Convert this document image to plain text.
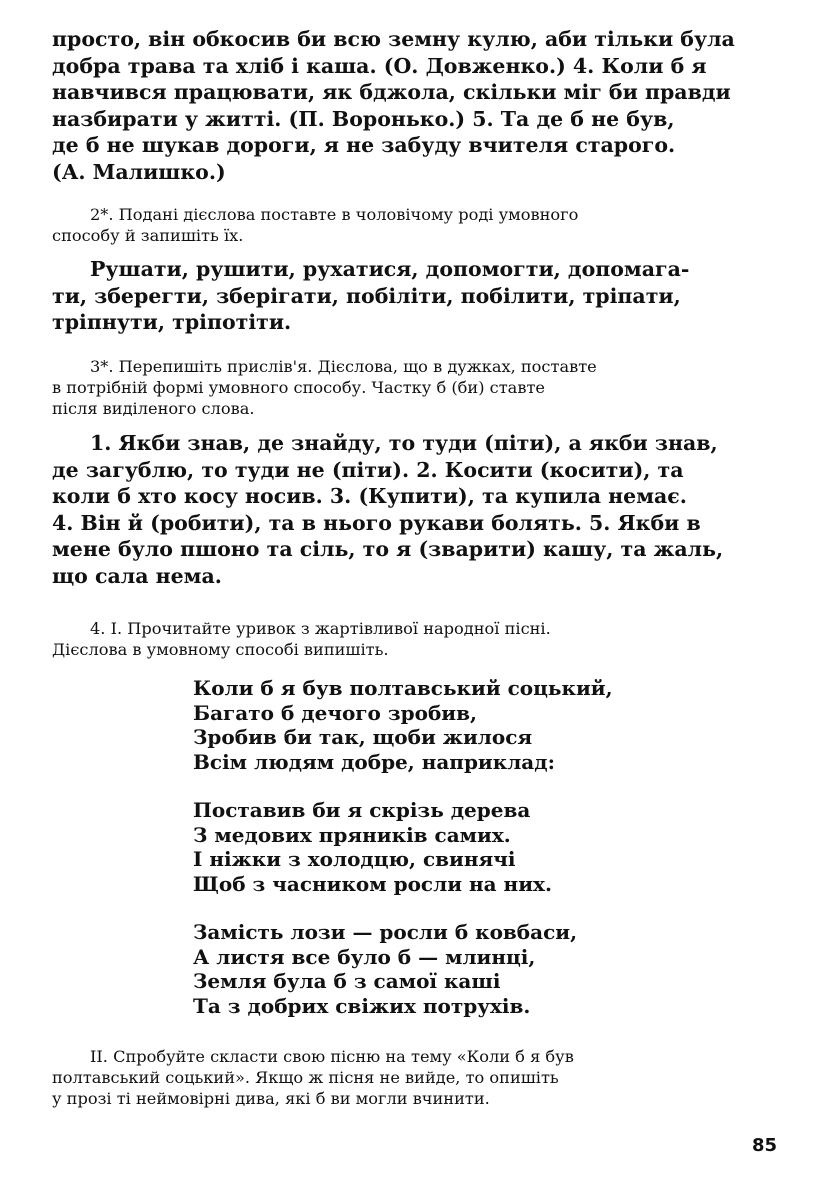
просто, він обкосив би всю земну кулю, аби тільки була
добра трава та хліб і каша. (О. Довженко.) 4. Коли б я
навчився працювати, як бджола, скільки міг би правди
назбирати у житті. (П. Воронько.) 5. Та де б не був,
де б не шукав дороги, я не забуду вчителя старого.
(А. Малишко.)
2*. Подані дієслова поставте в чоловічому роді умовного
способу й запишіть їх.
Рушати, рушити, рухатися, допомогти, допомага-
ти, зберегти, зберігати, побіліти, побілити, тріпати,
тріпнути, тріпотіти.
3*. Перепишіть прислів'я. Дієслова, що в дужках, поставте
в потрібній формі умовного способу. Частку б (би) ставте
після виділеного слова.
1. Якби знав, де знайду, то туди (піти), а якби знав,
де загублю, то туди не (піти). 2. Косити (косити), та
коли б хто косу носив. 3. (Купити), та купила немає.
4. Він й (робити), та в нього рукави болять. 5. Якби в
мене було пшоно та сіль, то я (зварити) кашу, та жаль,
що сала нема.
4. I. Прочитайте уривок з жартівливої народної пісні.
Дієслова в умовному способі випишіть.
Коли б я був полтавський соцький,
Багато б дечого зробив,
Зробив би так, щоби жилося
Всім людям добре, наприклад:
Поставив би я скрізь дерева
З медових пряників самих.
І ніжки з холодцю, свинячі
Щоб з часником росли на них.
Замість лози — росли б ковбаси,
А листя все було б — млинці,
Земля була б з самої каші
Та з добрих свіжих потрухів.
II. Спробуйте скласти свою пісню на тему «Коли б я був
полтавський соцький». Якщо ж пісня не вийде, то опишіть
у прозі ті неймовірні дива, які б ви могли вчинити.
85
